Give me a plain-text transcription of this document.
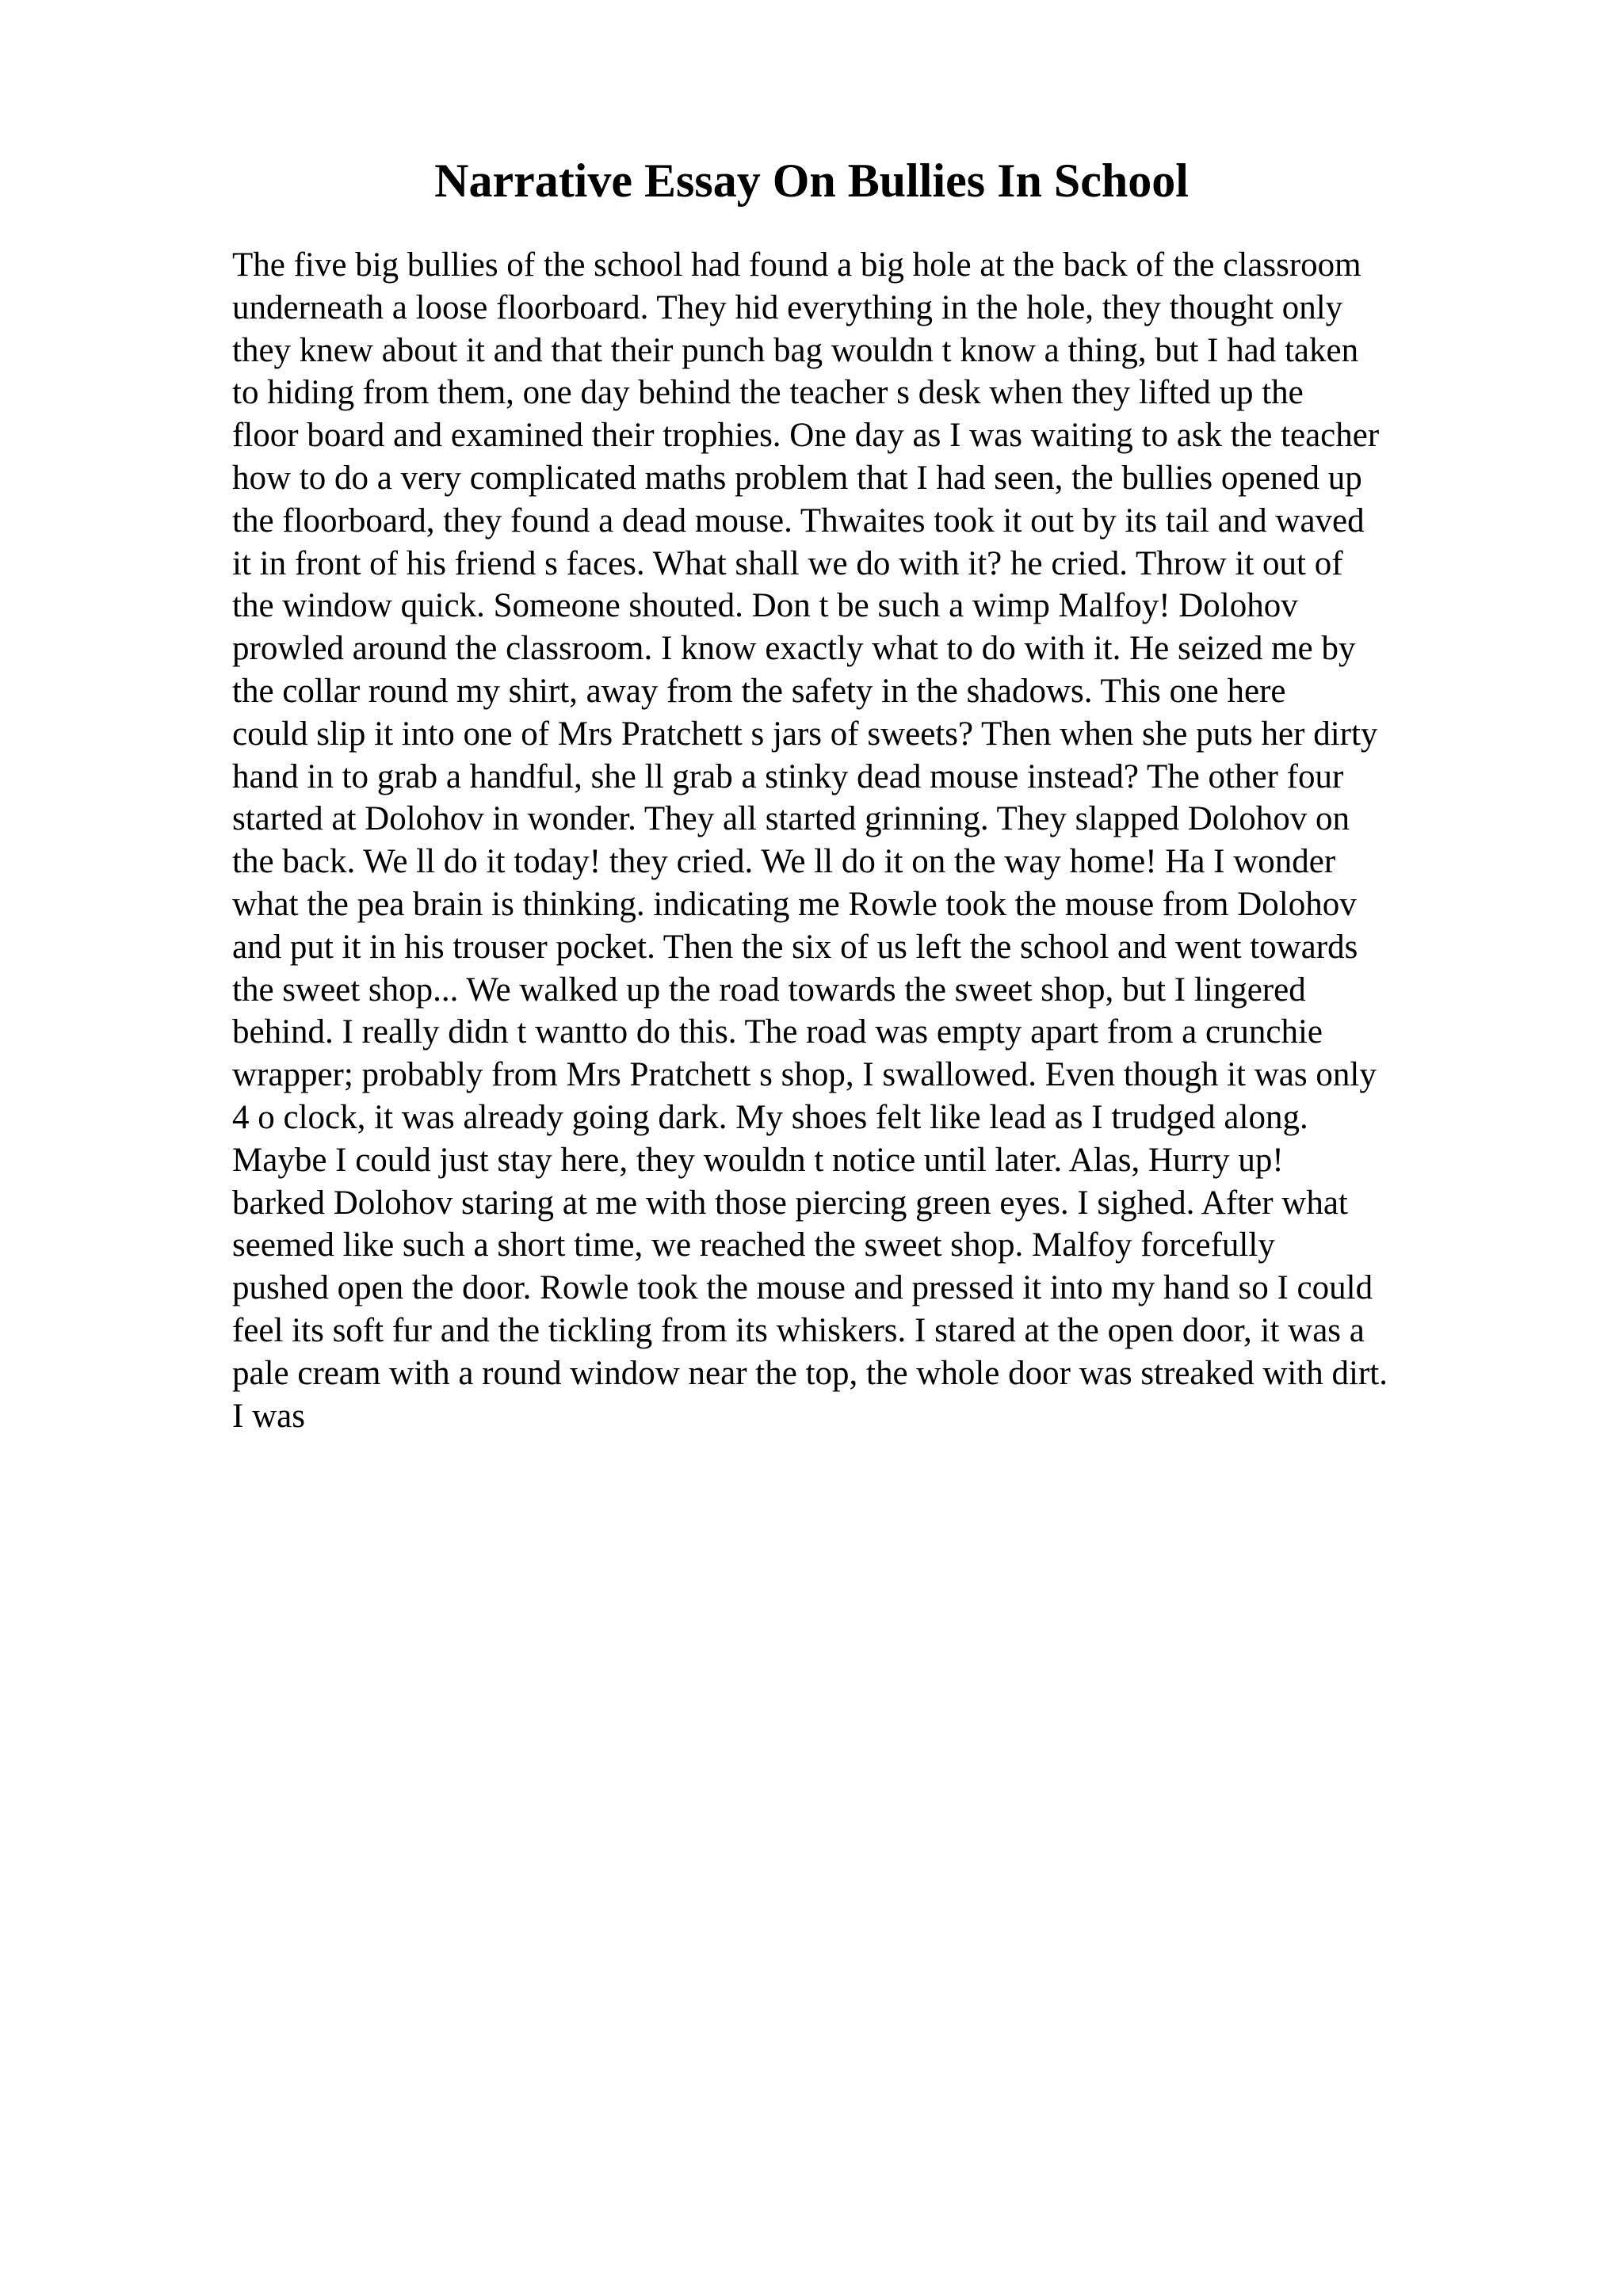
Narrative Essay On Bullies In School
The five big bullies of the school had found a big hole at the back of the classroom
underneath a loose floorboard. They hid everything in the hole, they thought only
they knew about it and that their punch bag wouldn t know a thing, but I had taken
to hiding from them, one day behind the teacher s desk when they lifted up the
floor board and examined their trophies. One day as I was waiting to ask the teacher
how to do a very complicated maths problem that I had seen, the bullies opened up
the floorboard, they found a dead mouse. Thwaites took it out by its tail and waved
it in front of his friend s faces. What shall we do with it? he cried. Throw it out of
the window quick. Someone shouted. Don t be such a wimp Malfoy! Dolohov
prowled around the classroom. I know exactly what to do with it. He seized me by
the collar round my shirt, away from the safety in the shadows. This one here
could slip it into one of Mrs Pratchett s jars of sweets? Then when she puts her dirty
hand in to grab a handful, she ll grab a stinky dead mouse instead? The other four
started at Dolohov in wonder. They all started grinning. They slapped Dolohov on
the back. We ll do it today! they cried. We ll do it on the way home! Ha I wonder
what the pea brain is thinking. indicating me Rowle took the mouse from Dolohov
and put it in his trouser pocket. Then the six of us left the school and went towards
the sweet shop... We walked up the road towards the sweet shop, but I lingered
behind. I really didn t wantto do this. The road was empty apart from a crunchie
wrapper; probably from Mrs Pratchett s shop, I swallowed. Even though it was only
4 o clock, it was already going dark. My shoes felt like lead as I trudged along.
Maybe I could just stay here, they wouldn t notice until later. Alas, Hurry up!
barked Dolohov staring at me with those piercing green eyes. I sighed. After what
seemed like such a short time, we reached the sweet shop. Malfoy forcefully
pushed open the door. Rowle took the mouse and pressed it into my hand so I could
feel its soft fur and the tickling from its whiskers. I stared at the open door, it was a
pale cream with a round window near the top, the whole door was streaked with dirt.
I was
